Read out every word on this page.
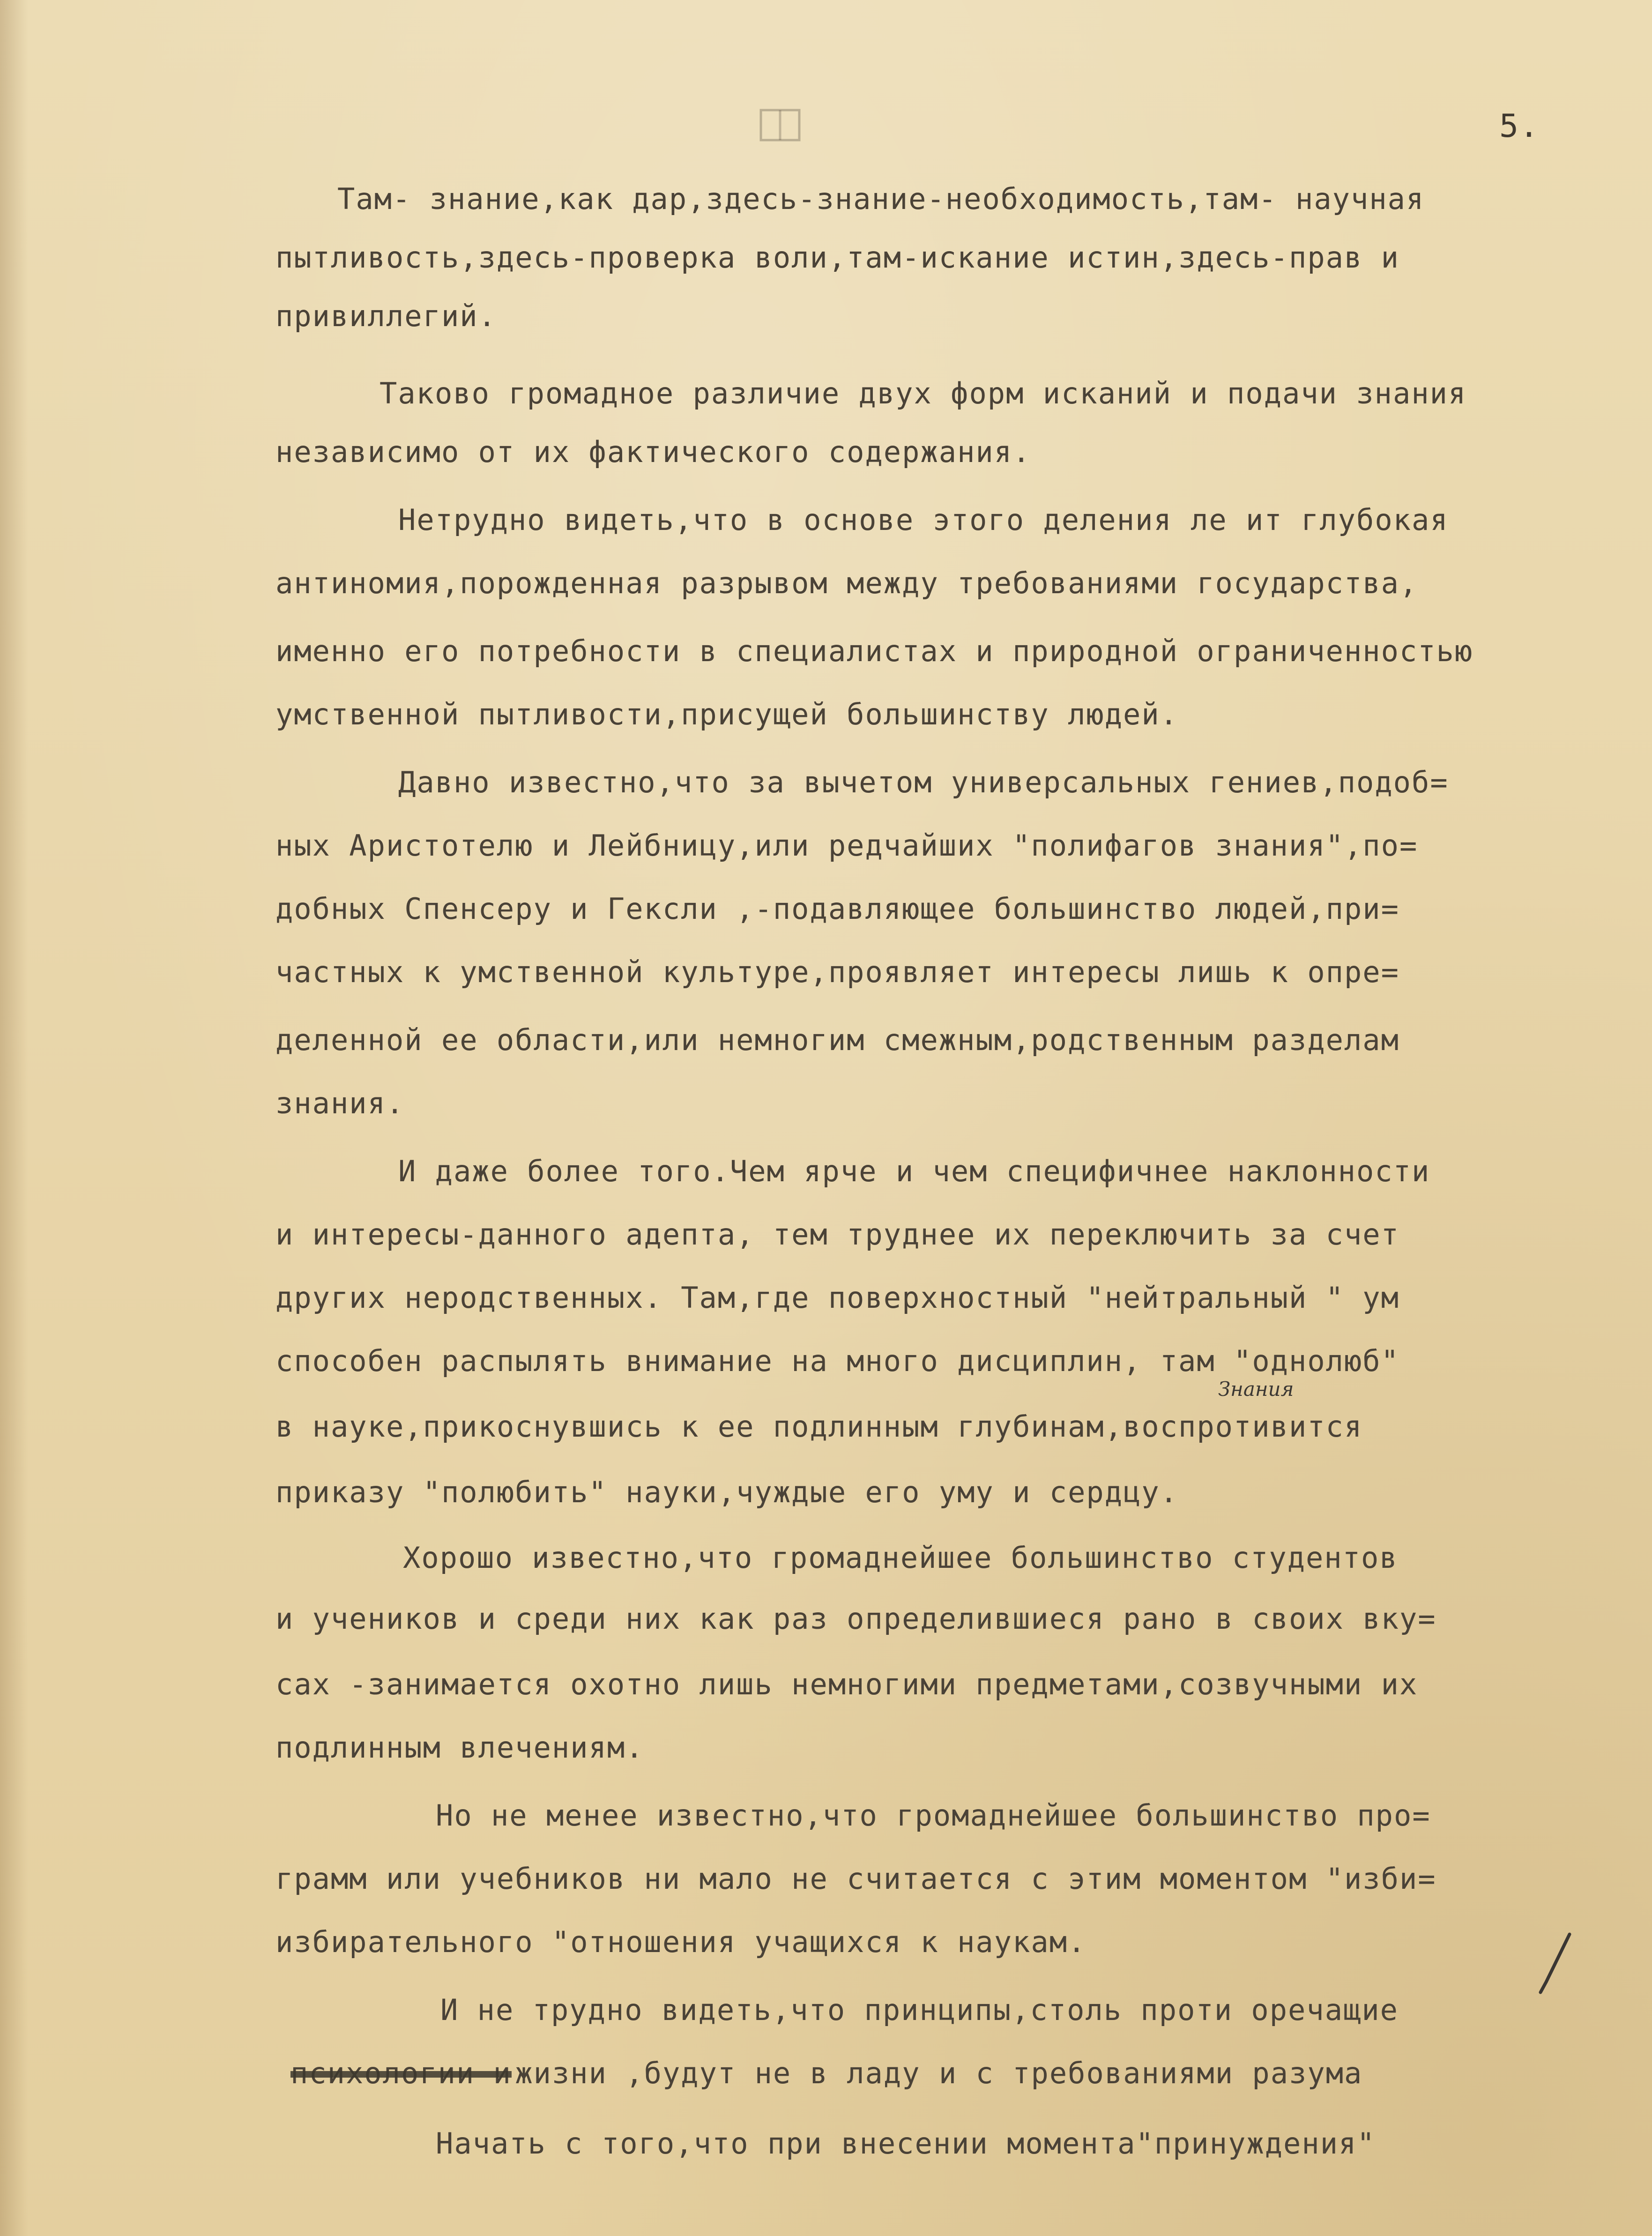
5.
Там- знание,как дар,здесь-знание-необходимость,там- научная
пытливость,здесь-проверка воли,там-искание истин,здесь-прав и
привиллегий.
Таково громадное различие двух форм исканий и подачи знания
независимо от их фактического содержания.
Нетрудно видеть,что в основе этого деления ле ит глубокая
антиномия,порожденная разрывом между требованиями государства,
именно его потребности в специалистах и природной ограниченностью
умственной пытливости,присущей большинству людей.
Давно известно,что за вычетом универсальных гениев,подоб=
ных Аристотелю и Лейбницу,или редчайших "полифагов знания",по=
добных Спенсеру и Гексли ,-подавляющее большинство людей,при=
частных к умственной культуре,проявляет интересы лишь к опре=
деленной ее области,или немногим смежным,родственным разделам
знания.
И даже более того.Чем ярче и чем специфичнее наклонности
и интересы-данного адепта, тем труднее их переключить за счет
других неродственных. Там,где поверхностный "нейтральный " ум
способен распылять внимание на много дисциплин, там "однолюб"
Знания
в науке,прикоснувшись к ее подлинным глубинам,воспротивится
приказу "полюбить" науки,чуждые его уму и сердцу.
Хорошо известно,что громаднейшее большинство студентов
и учеников и среди них как раз определившиеся рано в своих вку=
сах -занимается охотно лишь немногими предметами,созвучными их
подлинным влечениям.
Но не менее известно,что громаднейшее большинство про=
грамм или учебников ни мало не считается с этим моментом "изби=
избирательного "отношения учащихся к наукам.
И не трудно видеть,что принципы,столь проти оречащие
психологии и
жизни ,будут не в ладу и с требованиями разума
Начать с того,что при внесении момента"принуждения"
